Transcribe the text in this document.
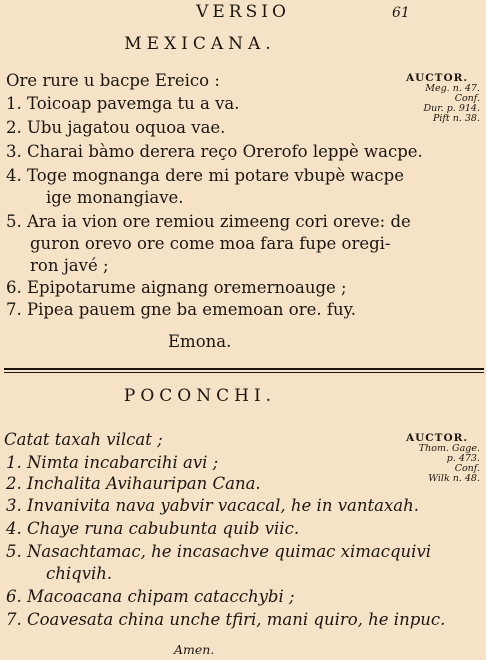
VERSIO	61
MEXICANA.
Ore rure u bacpe Ereico :
1. Toicoap pavemga tu a va.
2. Ubu jagatou oquoa vae.
3. Charai bàmo derera reço Orerofo leppè wacpe.
4. Toge mognanga dere mi potare vbupè wacpe
ige monangiave.
5. Ara ia vion ore remiou zimeeng cori oreve: de
guron orevo ore come moa fara fupe oregi-
ron javé ;
6. Epipotarume aignang oremernoauge ;
7. Pipea pauem gne ba ememoan ore. fuy.
Emona.
AUCTOR.
Meg. n. 47.
Conf.
Dur. p. 914.
Pift n. 38.
POCONCHI.
Catat taxah vilcat ;
1. Nimta incabarcihi avi ;
2. Inchalita Avihauripan Cana.
3. Invanivita nava yabvir vacacal, he in vantaxah.
4. Chaye runa cabubunta quib viic.
5. Nasachtamac, he incasachve quimac ximacquivi
chiqvih.
6. Macoacana chipam catacchybi ;
7. Coavesata china unche tfiri, mani quiro, he inpuc.
Amen.
AUCTOR.
Thom. Gage.
p. 473.
Conf.
Wilk n. 48.
